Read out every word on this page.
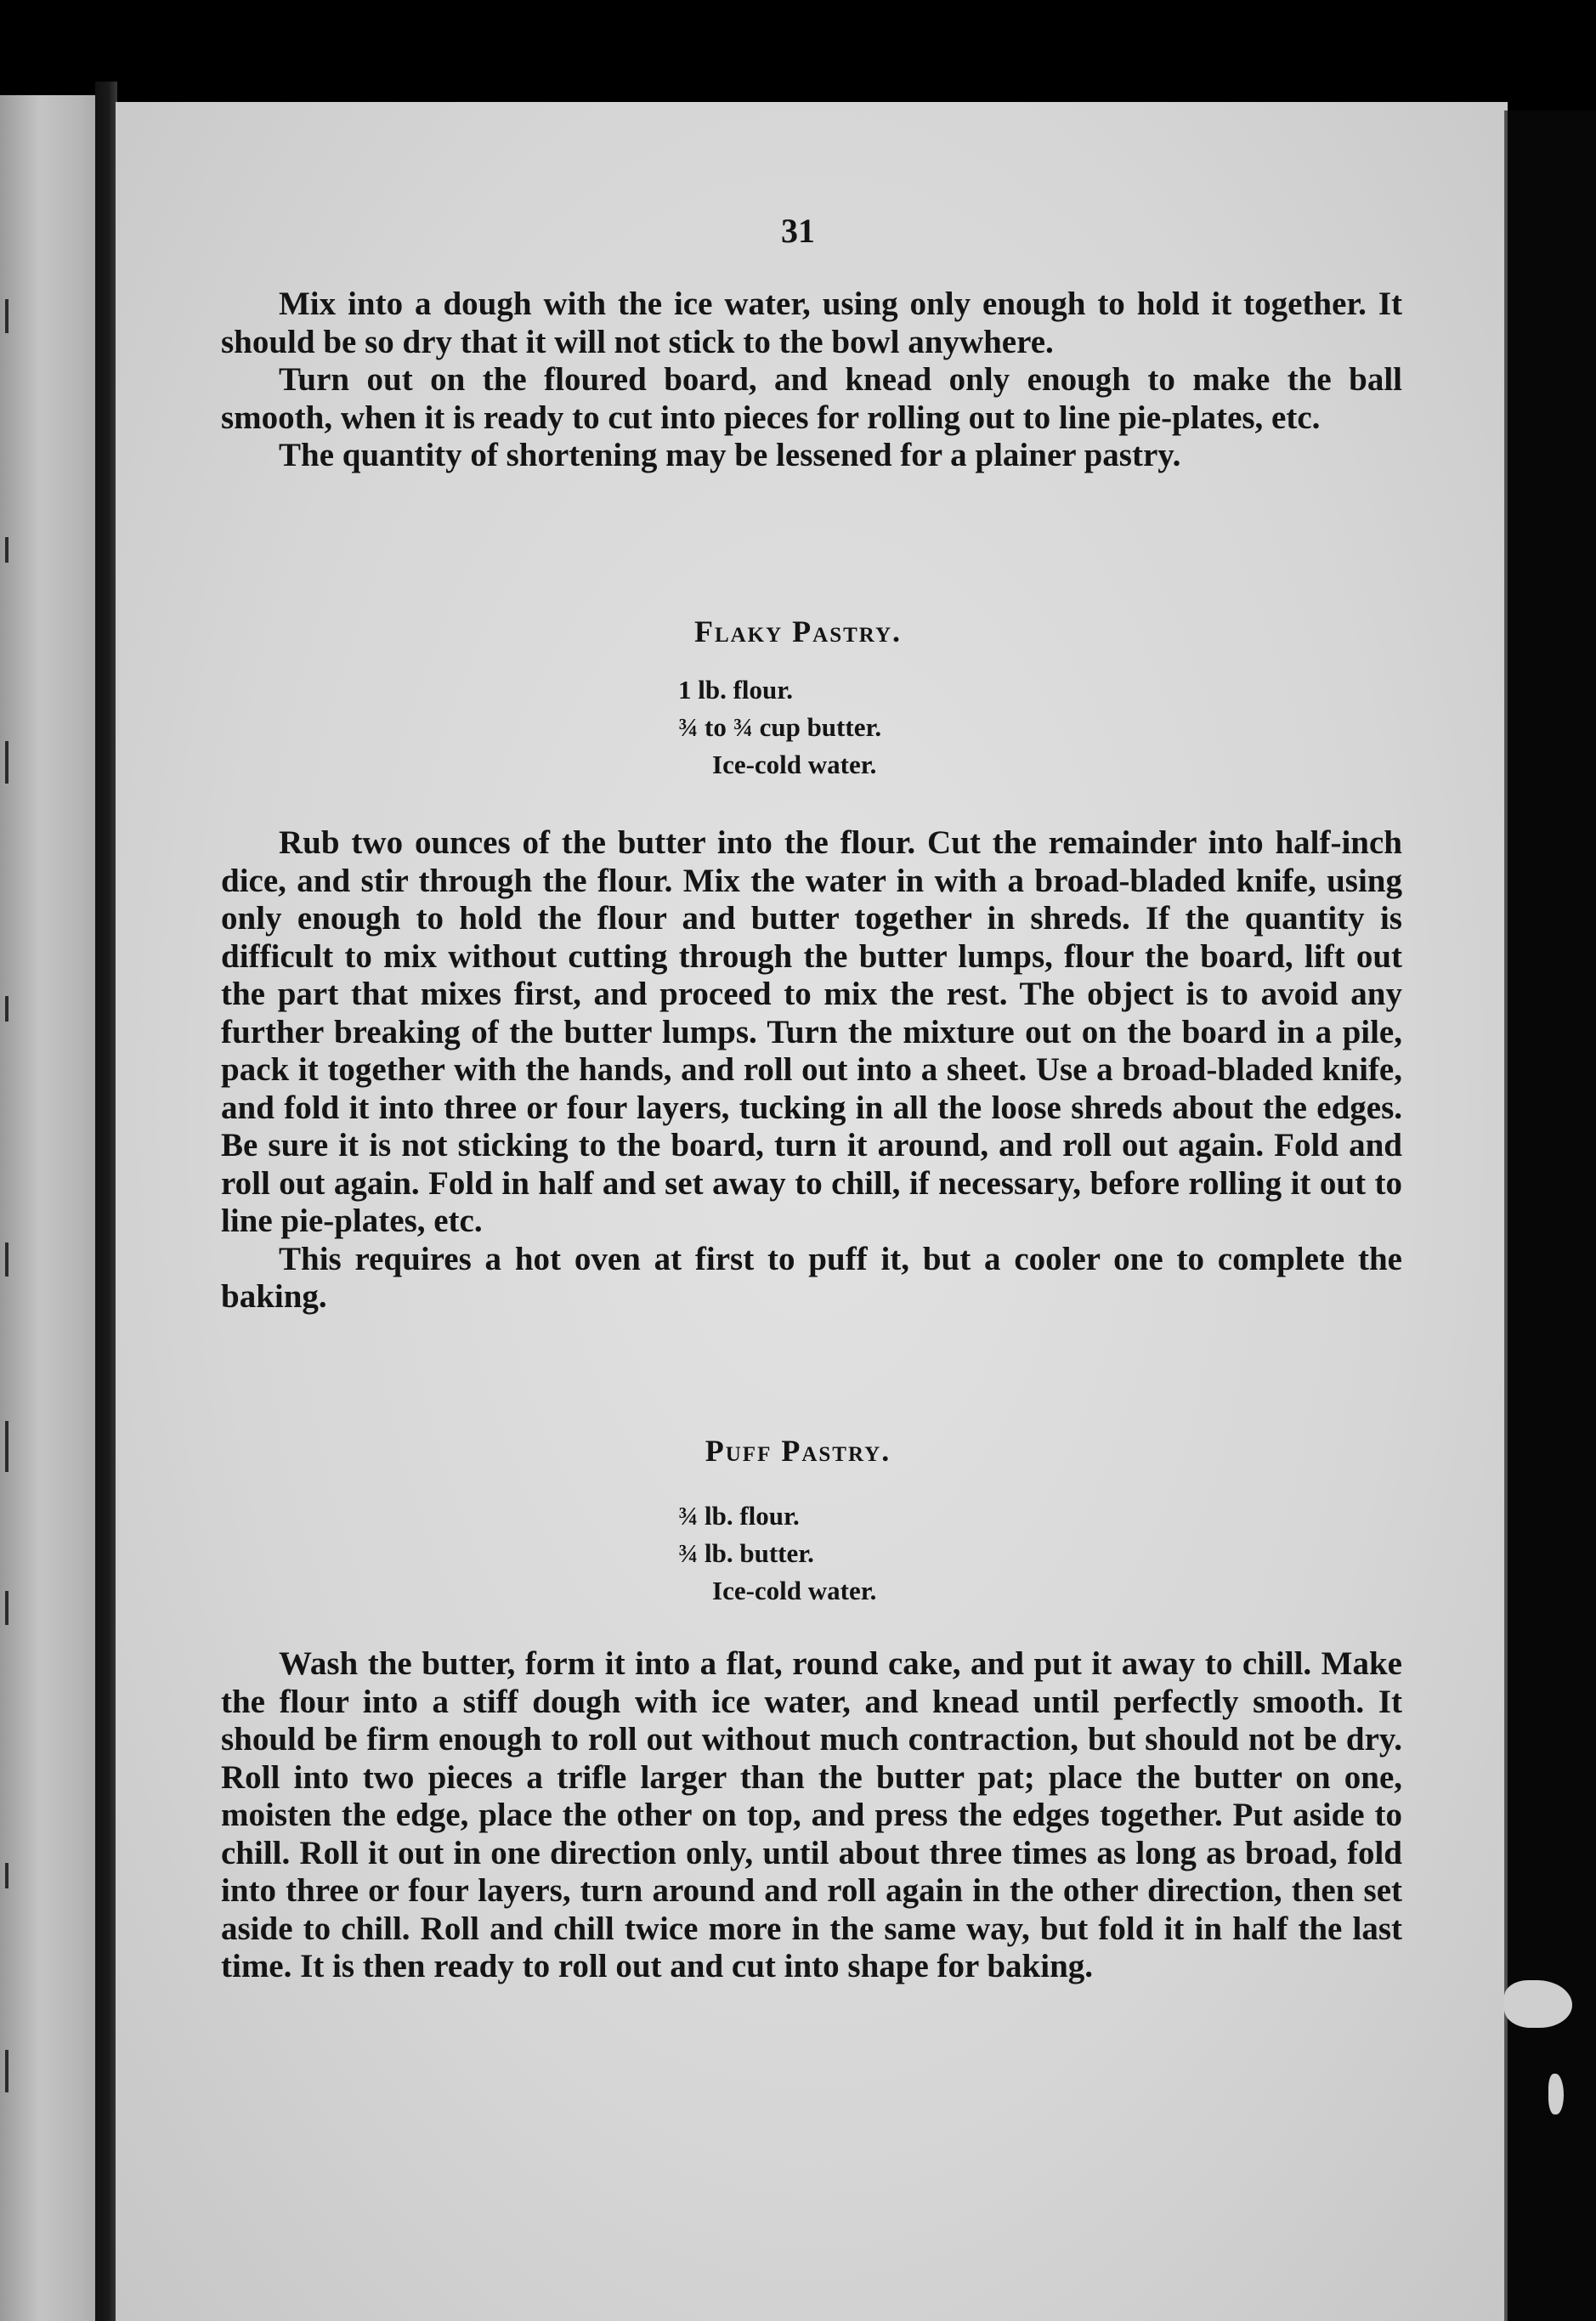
31

Mix into a dough with the ice water, using only enough to hold it together. It should be so dry that it will not stick to the bowl anywhere.

Turn out on the floured board, and knead only enough to make the ball smooth, when it is ready to cut into pieces for rolling out to line pie-plates, etc.

The quantity of shortening may be lessened for a plainer pastry.

Flaky Pastry.
1 lb. flour.
¾ to ¾ cup butter.
Ice-cold water.

Rub two ounces of the butter into the flour. Cut the remainder into half-inch dice, and stir through the flour. Mix the water in with a broad-bladed knife, using only enough to hold the flour and butter together in shreds. If the quantity is difficult to mix without cutting through the butter lumps, flour the board, lift out the part that mixes first, and proceed to mix the rest. The object is to avoid any further breaking of the butter lumps. Turn the mixture out on the board in a pile, pack it together with the hands, and roll out into a sheet. Use a broad-bladed knife, and fold it into three or four layers, tucking in all the loose shreds about the edges. Be sure it is not sticking to the board, turn it around, and roll out again. Fold and roll out again. Fold in half and set away to chill, if necessary, before rolling it out to line pie-plates, etc.

This requires a hot oven at first to puff it, but a cooler one to complete the baking.

Puff Pastry.
¾ lb. flour.
¾ lb. butter.
Ice-cold water.

Wash the butter, form it into a flat, round cake, and put it away to chill. Make the flour into a stiff dough with ice water, and knead until perfectly smooth. It should be firm enough to roll out without much contraction, but should not be dry. Roll into two pieces a trifle larger than the butter pat; place the butter on one, moisten the edge, place the other on top, and press the edges together. Put aside to chill. Roll it out in one direction only, until about three times as long as broad, fold into three or four layers, turn around and roll again in the other direction, then set aside to chill. Roll and chill twice more in the same way, but fold it in half the last time. It is then ready to roll out and cut into shape for baking.
